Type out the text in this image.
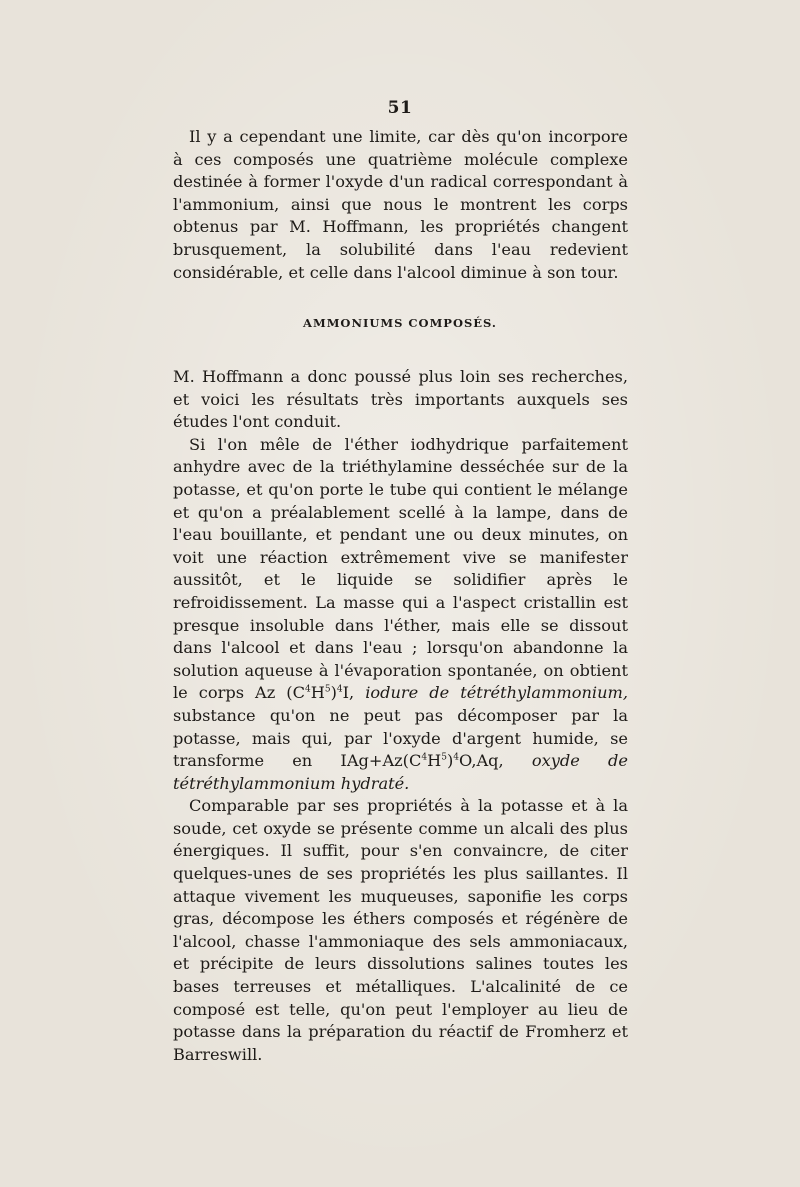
51

Il y a cependant une limite, car dès qu'on incorpore à ces composés une quatrième molécule complexe destinée à former l'oxyde d'un radical correspondant à l'ammonium, ainsi que nous le montrent les corps obtenus par M. Hoffmann, les propriétés changent brusquement, la solubilité dans l'eau redevient considérable, et celle dans l'alcool diminue à son tour.

AMMONIUMS COMPOSÉS.

M. Hoffmann a donc poussé plus loin ses recherches, et voici les résultats très importants auxquels ses études l'ont conduit.

Si l'on mêle de l'éther iodhydrique parfaitement anhydre avec de la triéthylamine desséchée sur de la potasse, et qu'on porte le tube qui contient le mélange et qu'on a préalablement scellé à la lampe, dans de l'eau bouillante, et pendant une ou deux minutes, on voit une réaction extrêmement vive se manifester aussitôt, et le liquide se solidifier après le refroidissement. La masse qui a l'aspect cristallin est presque insoluble dans l'éther, mais elle se dissout dans l'alcool et dans l'eau ; lorsqu'on abandonne la solution aqueuse à l'évaporation spontanée, on obtient le corps Az $(C^4H^5)^4I$, iodure de tétréthylammonium, substance qu'on ne peut pas décomposer par la potasse, mais qui, par l'oxyde d'argent humide, se transforme en $IAg+Az(C^4H^5)^4O,Aq$, oxyde de tétréthylammonium hydraté.

Comparable par ses propriétés à la potasse et à la soude, cet oxyde se présente comme un alcali des plus énergiques. Il suffit, pour s'en convaincre, de citer quelques-unes de ses propriétés les plus saillantes. Il attaque vivement les muqueuses, saponifie les corps gras, décompose les éthers composés et régénère de l'alcool, chasse l'ammoniaque des sels ammoniacaux, et précipite de leurs dissolutions salines toutes les bases terreuses et métalliques. L'alcalinité de ce composé est telle, qu'on peut l'employer au lieu de potasse dans la préparation du réactif de Fromherz et Barreswill.
